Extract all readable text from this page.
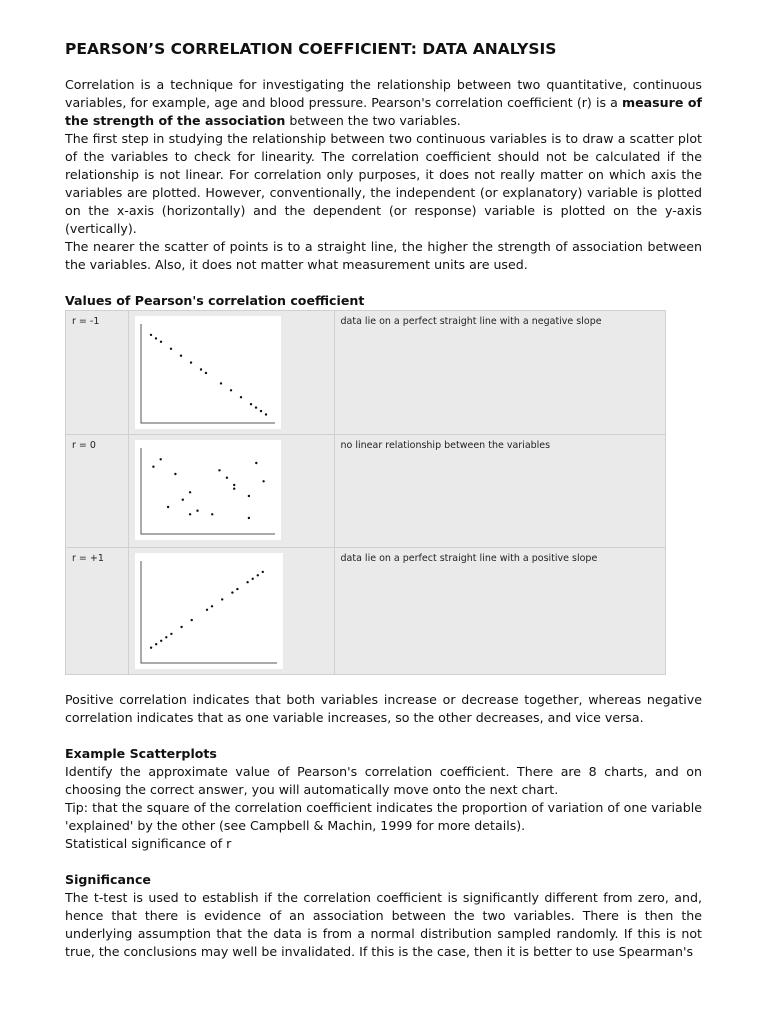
PEARSON’S CORRELATION COEFFICIENT: DATA ANALYSIS

Correlation is a technique for investigating the relationship between two quantitative, continuous variables, for example, age and blood pressure. Pearson's correlation coefficient (r) is a measure of the strength of the association between the two variables.

The first step in studying the relationship between two continuous variables is to draw a scatter plot of the variables to check for linearity. The correlation coefficient should not be calculated if the relationship is not linear. For correlation only purposes, it does not really matter on which axis the variables are plotted. However, conventionally, the independent (or explanatory) variable is plotted on the x-axis (horizontally) and the dependent (or response) variable is plotted on the y-axis (vertically).

The nearer the scatter of points is to a straight line, the higher the strength of association between the variables. Also, it does not matter what measurement units are used.

Values of Pearson's correlation coefficient
r = -1		data lie on a perfect straight line with a negative slope
r = 0		no linear relationship between the variables
r = +1		data lie on a perfect straight line with a positive slope

Positive correlation indicates that both variables increase or decrease together, whereas negative correlation indicates that as one variable increases, so the other decreases, and vice versa.

Example Scatterplots

Identify the approximate value of Pearson's correlation coefficient. There are 8 charts, and on choosing the correct answer, you will automatically move onto the next chart.

Tip: that the square of the correlation coefficient indicates the proportion of variation of one variable 'explained' by the other (see Campbell & Machin, 1999 for more details).

Statistical significance of r

Significance

The t-test is used to establish if the correlation coefficient is significantly different from zero, and, hence that there is evidence of an association between the two variables. There is then the underlying assumption that the data is from a normal distribution sampled randomly. If this is not true, the conclusions may well be invalidated. If this is the case, then it is better to use Spearman's
